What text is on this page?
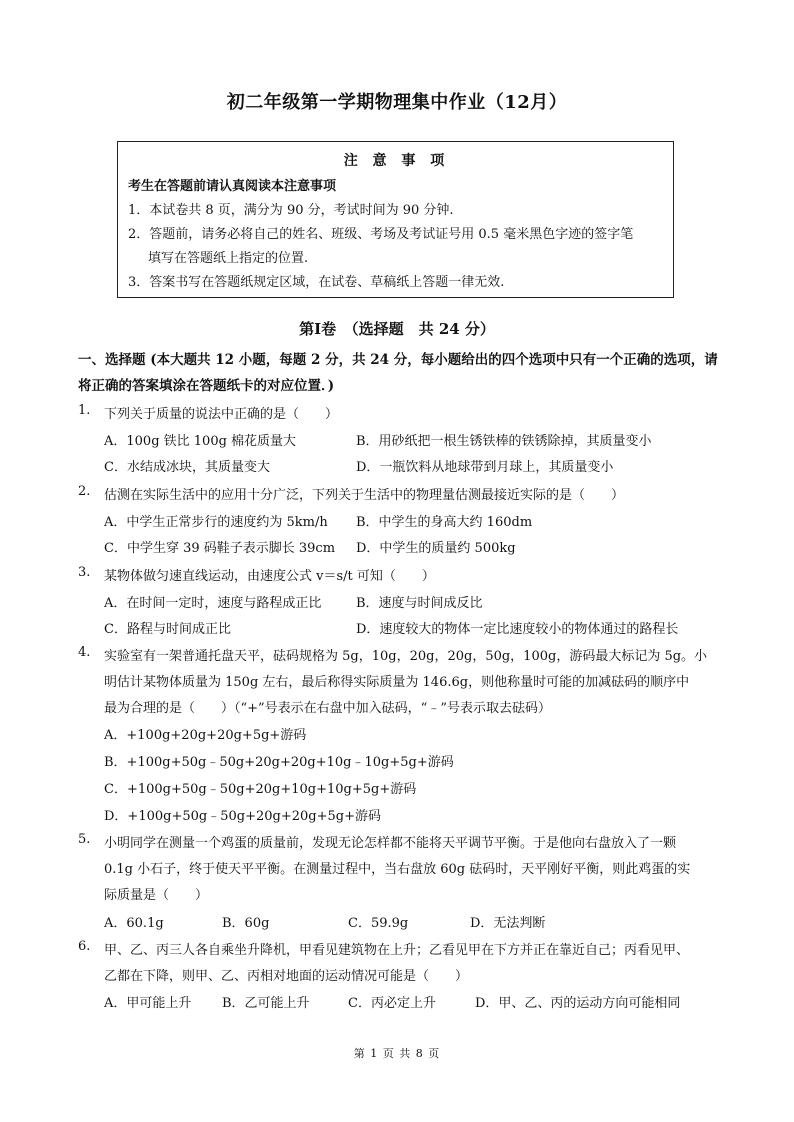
初二年级第一学期物理集中作业（12月）
注 意 事 项
考生在答题前请认真阅读本注意事项
1．本试卷共 8 页，满分为 90 分，考试时间为 90 分钟.
2．答题前，请务必将自己的姓名、班级、考场及考试证号用 0.5 毫米黑色字迹的签字笔
填写在答题纸上指定的位置.
3．答案书写在答题纸规定区域，在试卷、草稿纸上答题一律无效.
第Ⅰ卷　（选择题　共 24 分）
一、选择题 (本大题共 12 小题，每题 2 分，共 24 分，每小题给出的四个选项中只有一个正确的选项，请
将正确的答案填涂在答题纸卡的对应位置．)
1. 下列关于质量的说法中正确的是（　　）
A．100g 铁比 100g 棉花质量大	B．用砂纸把一根生锈铁棒的铁锈除掉，其质量变小
C．水结成冰块，其质量变大	D．一瓶饮料从地球带到月球上，其质量变小
2. 估测在实际生活中的应用十分广泛，下列关于生活中的物理量估测最接近实际的是（　　）
A．中学生正常步行的速度约为 5km/h B．中学生的身高大约 160dm
C．中学生穿 39 码鞋子表示脚长 39cm D．中学生的质量约 500kg
3. 某物体做匀速直线运动，由速度公式 v＝s/t 可知（　　）
A．在时间一定时，速度与路程成正比	B．速度与时间成反比
C．路程与时间成正比	D．速度较大的物体一定比速度较小的物体通过的路程长
4. 实验室有一架普通托盘天平，砝码规格为 5g，10g，20g，20g，50g，100g，游码最大标记为 5g。小
明估计某物体质量为 150g 左右，最后称得实际质量为 146.6g，则他称量时可能的加减砝码的顺序中
最为合理的是（　　）（“+”号表示在右盘中加入砝码，“﹣”号表示取去砝码）
A．+100g+20g+20g+5g+游码
B．+100g+50g﹣50g+20g+20g+10g﹣10g+5g+游码
C．+100g+50g﹣50g+20g+10g+10g+5g+游码
D．+100g+50g﹣50g+20g+20g+5g+游码
5. 小明同学在测量一个鸡蛋的质量前，发现无论怎样都不能将天平调节平衡。于是他向右盘放入了一颗
0.1g 小石子，终于使天平平衡。在测量过程中，当右盘放 60g 砝码时，天平刚好平衡，则此鸡蛋的实
际质量是（　　）
A．60.1g	B．60g	C．59.9g	D．无法判断
6. 甲、乙、丙三人各自乘坐升降机，甲看见建筑物在上升；乙看见甲在下方并正在靠近自己；丙看见甲、
乙都在下降，则甲、乙、丙相对地面的运动情况可能是（　　）
A．甲可能上升 B．乙可能上升	C．丙必定上升	D．甲、乙、丙的运动方向可能相同
第 1 页 共 8 页
